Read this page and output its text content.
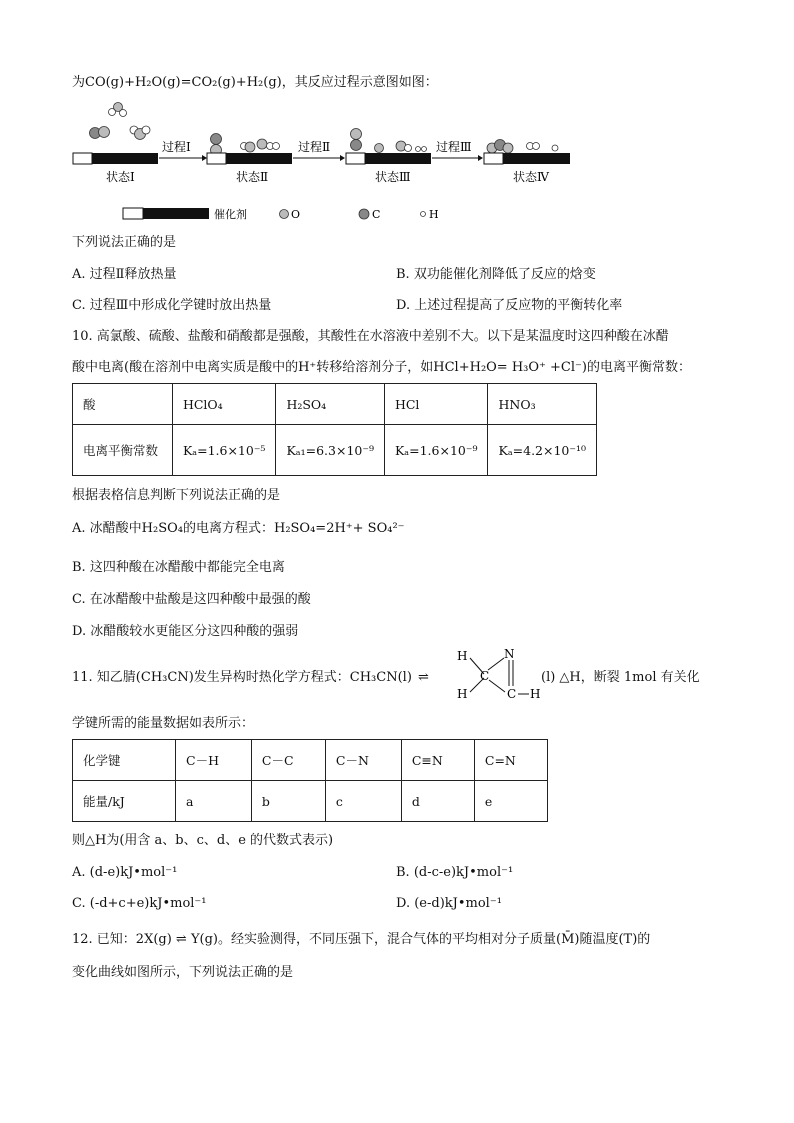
为CO(g)+H₂O(g)=CO₂(g)+H₂(g)，其反应过程示意图如图：
过程Ⅰ
状态Ⅰ
过程Ⅱ
状态Ⅱ
过程Ⅲ
状态Ⅲ	状态Ⅳ
催化剂	O	C	H
下列说法正确的是
A. 过程Ⅱ释放热量	B. 双功能催化剂降低了反应的焓变
C. 过程Ⅲ中形成化学键时放出热量	D. 上述过程提高了反应物的平衡转化率
10. 高氯酸、硫酸、盐酸和硝酸都是强酸，其酸性在水溶液中差别不大。以下是某温度时这四种酸在冰醋
酸中电离(酸在溶剂中电离实质是酸中的H⁺转移给溶剂分子，如HCl+H₂O= H₃O⁺ +Cl⁻)的电离平衡常数：
酸	HClO₄	H₂SO₄	HCl	HNO₃
电离平衡常数	Kₐ=1.6×10⁻⁵	Kₐ₁=6.3×10⁻⁹	Kₐ=1.6×10⁻⁹	Kₐ=4.2×10⁻¹⁰
根据表格信息判断下列说法正确的是
A. 冰醋酸中H₂SO₄的电离方程式：H₂SO₄=2H⁺+ SO₄²⁻
B. 这四种酸在冰醋酸中都能完全电离
C. 在冰醋酸中盐酸是这四种酸中最强的酸
D. 冰醋酸较水更能区分这四种酸的强弱
11. 知乙腈(CH₃CN)发生异构时热化学方程式：CH₃CN(l) ⇌
H
H
C
N
C H
(l) △H，断裂 1mol 有关化
学键所需的能量数据如表所示：
化学键	C－H	C－C	C－N	C≡N	C=N
能量/kJ	a	b	c	d	e
则△H为(用含 a、b、c、d、e 的代数式表示)
A. (d-e)kJ•mol⁻¹	B. (d-c-e)kJ•mol⁻¹
C. (-d+c+e)kJ•mol⁻¹	D. (e-d)kJ•mol⁻¹
12. 已知：2X(g) ⇌ Y(g)。经实验测得，不同压强下，混合气体的平均相对分子质量(M̄)随温度(T)的
变化曲线如图所示，下列说法正确的是
